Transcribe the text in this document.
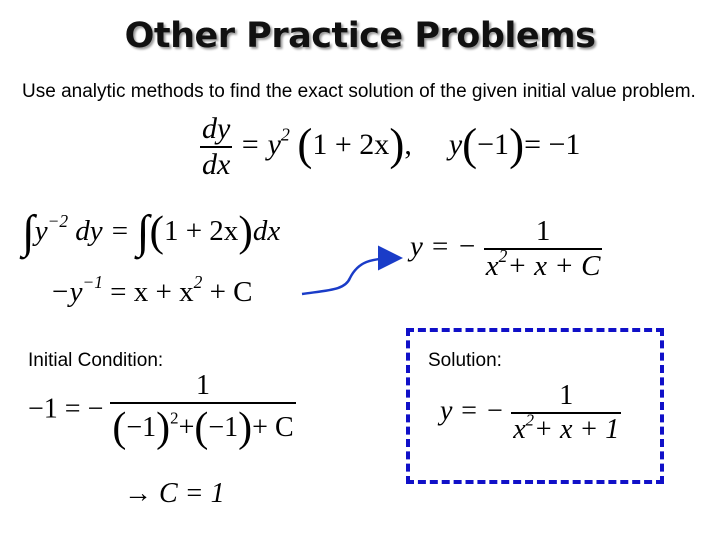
Other Practice Problems
Use analytic methods to find the exact solution of the given initial value problem.
$\frac{dy}{dx} = y^2$ (1 + 2x), y(−1)= −1
$\int y^{-2}$ dy = ∫(1 + 2x)dx
$-y^{-1} = x + x^2 + C$
y = − $\frac{1}{x^2+ x + C}$
Initial Condition:	Solution:
−1 = − $\frac{1}{(-1)^2+(-1)+ C}$
→ C = 1
y = − $\frac{1}{x^2+ x + 1}$
